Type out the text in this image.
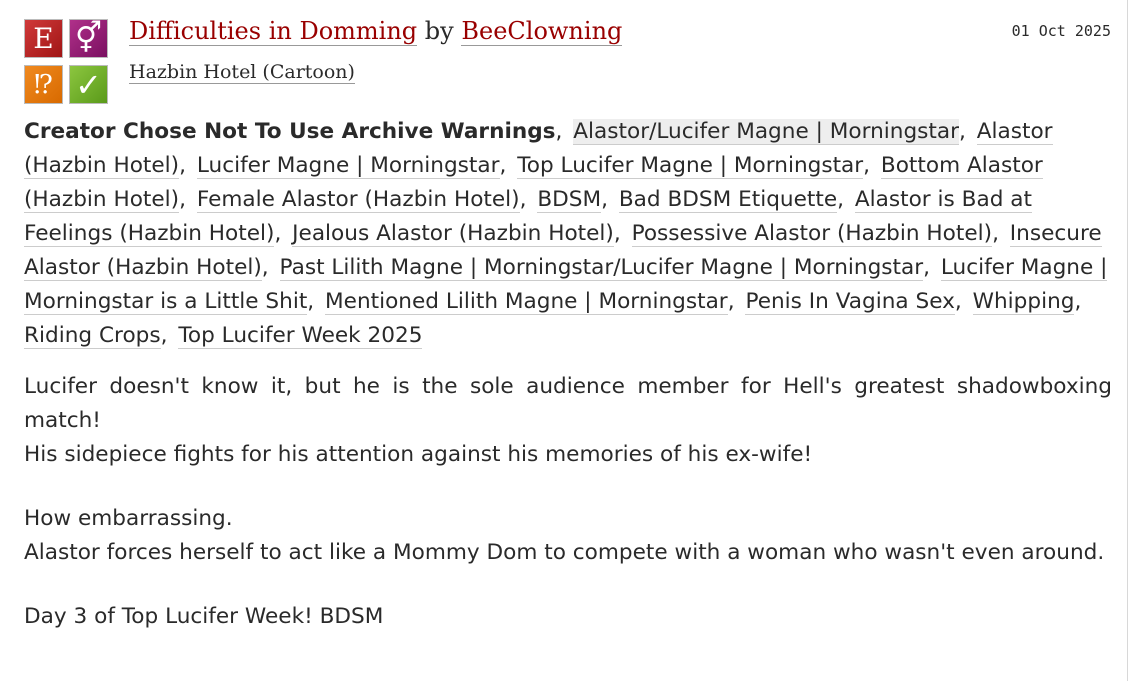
E ⚥
⁉ ✓
Difficulties in Domming by BeeClowning
Hazbin Hotel (Cartoon)
01 Oct 2025
Creator Chose Not To Use Archive Warnings, Alastor/Lucifer Magne | Morningstar, Alastor (Hazbin Hotel), Lucifer Magne | Morningstar, Top Lucifer Magne | Morningstar, Bottom Alastor (Hazbin Hotel), Female Alastor (Hazbin Hotel), BDSM, Bad BDSM Etiquette, Alastor is Bad at Feelings (Hazbin Hotel), Jealous Alastor (Hazbin Hotel), Possessive Alastor (Hazbin Hotel), Insecure Alastor (Hazbin Hotel), Past Lilith Magne | Morningstar/Lucifer Magne | Morningstar, Lucifer Magne | Morningstar is a Little Shit, Mentioned Lilith Magne | Morningstar, Penis In Vagina Sex, Whipping, Riding Crops, Top Lucifer Week 2025

Lucifer doesn't know it, but he is the sole audience member for Hell's greatest shadowboxing match!
His sidepiece fights for his attention against his memories of his ex-wife!

How embarrassing.
Alastor forces herself to act like a Mommy Dom to compete with a woman who wasn't even around.

Day 3 of Top Lucifer Week! BDSM
